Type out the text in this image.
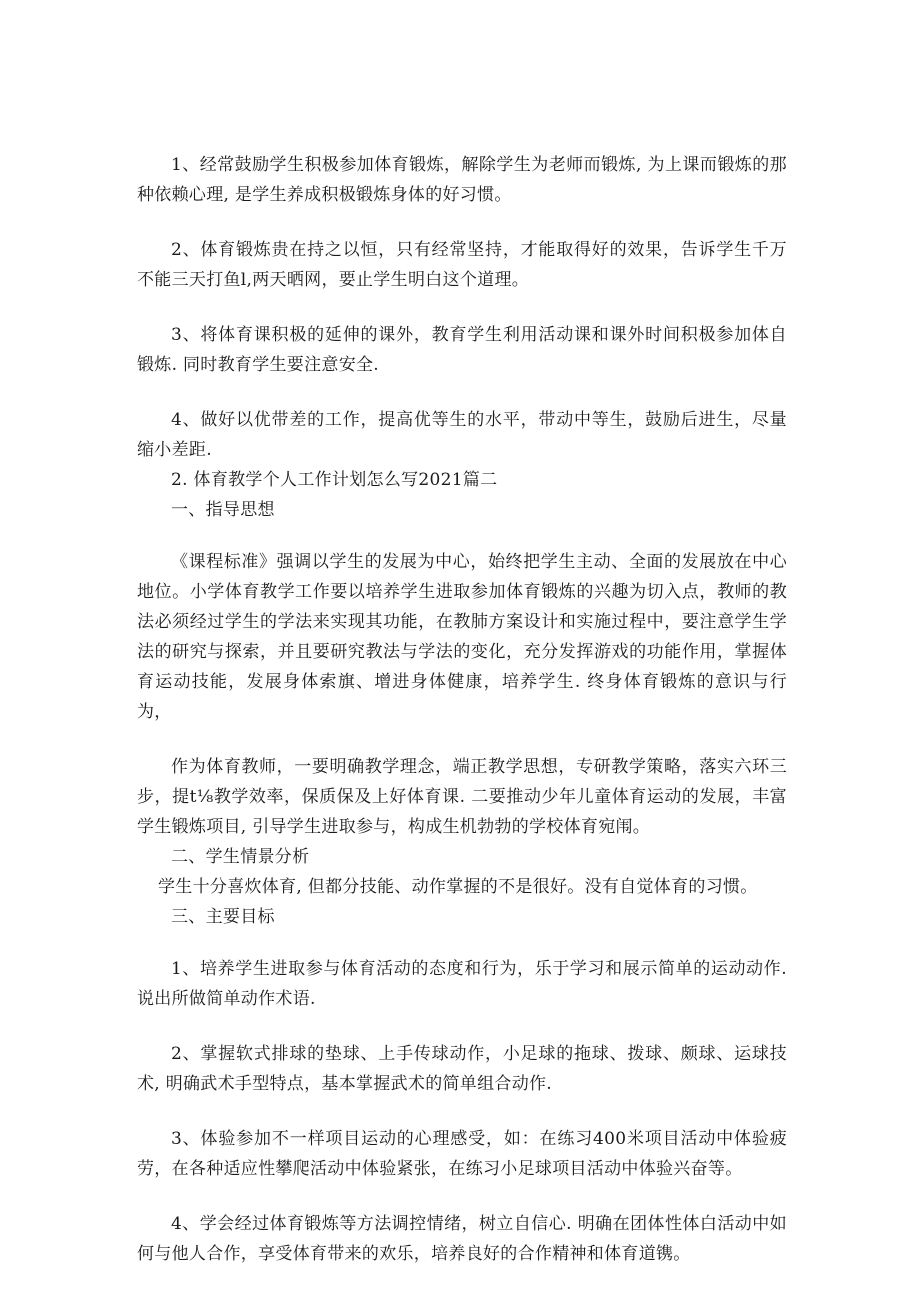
1、经常鼓励学生积极参加体育锻炼，解除学生为老师而锻炼, 为上课而锻炼的那种依赖心理, 是学生养成积极锻炼身体的好习惯。

2、体育锻炼贵在持之以恒，只有经常坚持，才能取得好的效果，告诉学生千万不能三天打鱼l,两天晒网，要止学生明白这个道理。

3、将体育课积极的延伸的课外，教育学生利用活动课和课外时间积极参加体自锻炼. 同时教育学生要注意安全.

4、做好以优带差的工作，提高优等生的水平，带动中等生，鼓励后进生，尽量缩小差距.

2. 体育教学个人工作计划怎么写2021篇二

一、指导思想

《课程标准》强调以学生的发展为中心，始终把学生主动、全面的发展放在中心地位。小学体育教学工作要以培养学生进取参加体育锻炼的兴趣为切入点，教师的教法必须经过学生的学法来实现其功能，在教肺方案设计和实施过程中，要注意学生学法的研究与探索，并且要研究教法与学法的变化，充分发挥游戏的功能作用，掌握体育运动技能，发展身体索旗、增进身体健康，培养学生. 终身体育锻炼的意识与行为，

作为体育教师，一要明确教学理念，端正教学思想，专研教学策略，落实六环三步，提t⅛教学效率，保质保及上好体育课. 二要推动少年儿童体育运动的发展，丰富学生锻炼项目, 引导学生进取参与，构成生机勃勃的学校体育宛闱。

二、学生情景分析

学生十分喜炊体育, 但都分技能、动作掌握的不是很好。没有自觉体育的习惯。

三、主要目标

1、培养学生进取参与体育活动的态度和行为，乐于学习和展示简单的运动动作. 说出所做简单动作术语.

2、掌握软式排球的垫球、上手传球动作，小足球的拖球、拨球、颇球、运球技术, 明确武术手型特点，基本掌握武术的简单组合动作.

3、体验参加不一样项目运动的心理感受，如：在练习400米项目活动中体验疲劳，在各种适应性攀爬活动中体验紧张，在练习小足球项目活动中体验兴奋等。

4、学会经过体育锻炼等方法调控情绪，树立自信心. 明确在团体性体白活动中如何与他人合作，享受体育带来的欢乐，培养良好的合作精神和体育道镌。
